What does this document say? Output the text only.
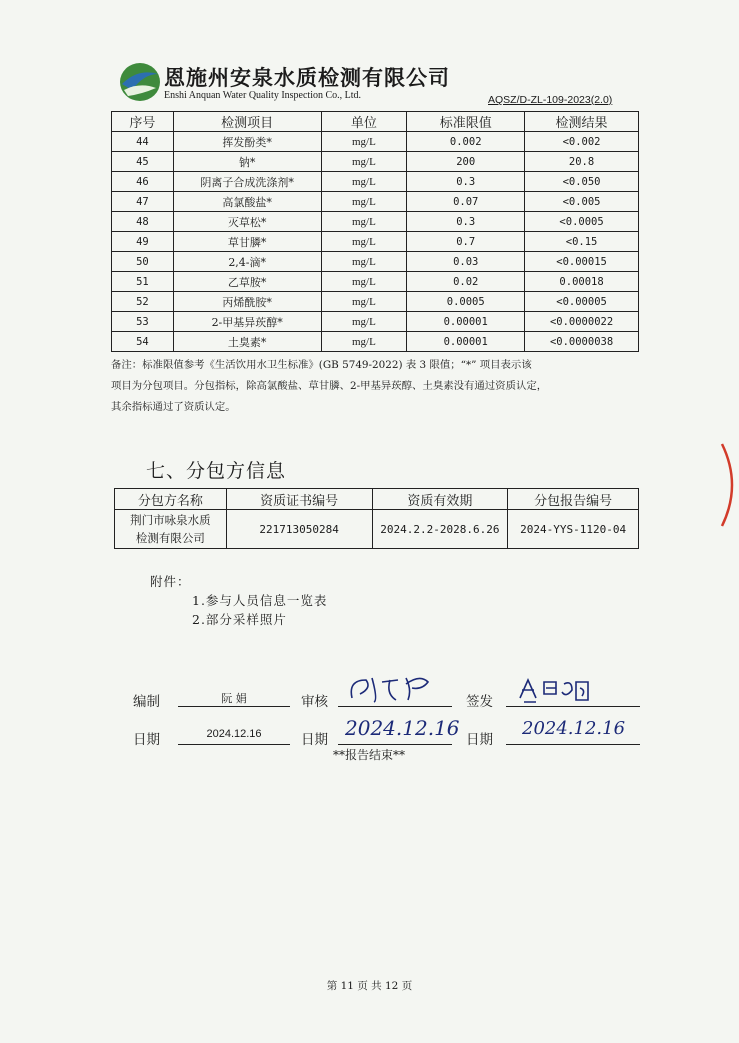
恩施州安泉水质检测有限公司
Enshi Anquan Water Quality Inspection Co., Ltd.	AQSZ/D-ZL-109-2023(2.0)
序号	检测项目	单位	标准限值	检测结果
44	挥发酚类*	mg/L	0.002	<0.002
45	钠*	mg/L	200	20.8
46	阴离子合成洗涤剂*	mg/L	0.3	<0.050
47	高氯酸盐*	mg/L	0.07	<0.005
48	灭草松*	mg/L	0.3	<0.0005
49	草甘膦*	mg/L	0.7	<0.15
50	2,4-滴*	mg/L	0.03	<0.00015
51	乙草胺*	mg/L	0.02	0.00018
52	丙烯酰胺*	mg/L	0.0005	<0.00005
53	2-甲基异莰醇*	mg/L	0.00001	<0.0000022
54	土臭素*	mg/L	0.00001	<0.0000038
备注：标准限值参考《生活饮用水卫生标准》(GB 5749-2022) 表 3 限值；“*” 项目表示该
项目为分包项目。分包指标，除高氯酸盐、草甘膦、2-甲基异莰醇、土臭素没有通过资质认定，
其余指标通过了资质认定。
七、分包方信息
分包方名称	资质证书编号	资质有效期	分包报告编号

荆门市咏泉水质
检测有限公司	221713050284	2024.2.2-2028.6.26	2024-YYS-1120-04
附件：
1.参与人员信息一览表
2.部分采样照片
编制	阮 娟	审核	签发
日期	2024.12.16	日期 2024.12.16 日期
2024.12.16
**报告结束**
第 11 页 共 12 页
